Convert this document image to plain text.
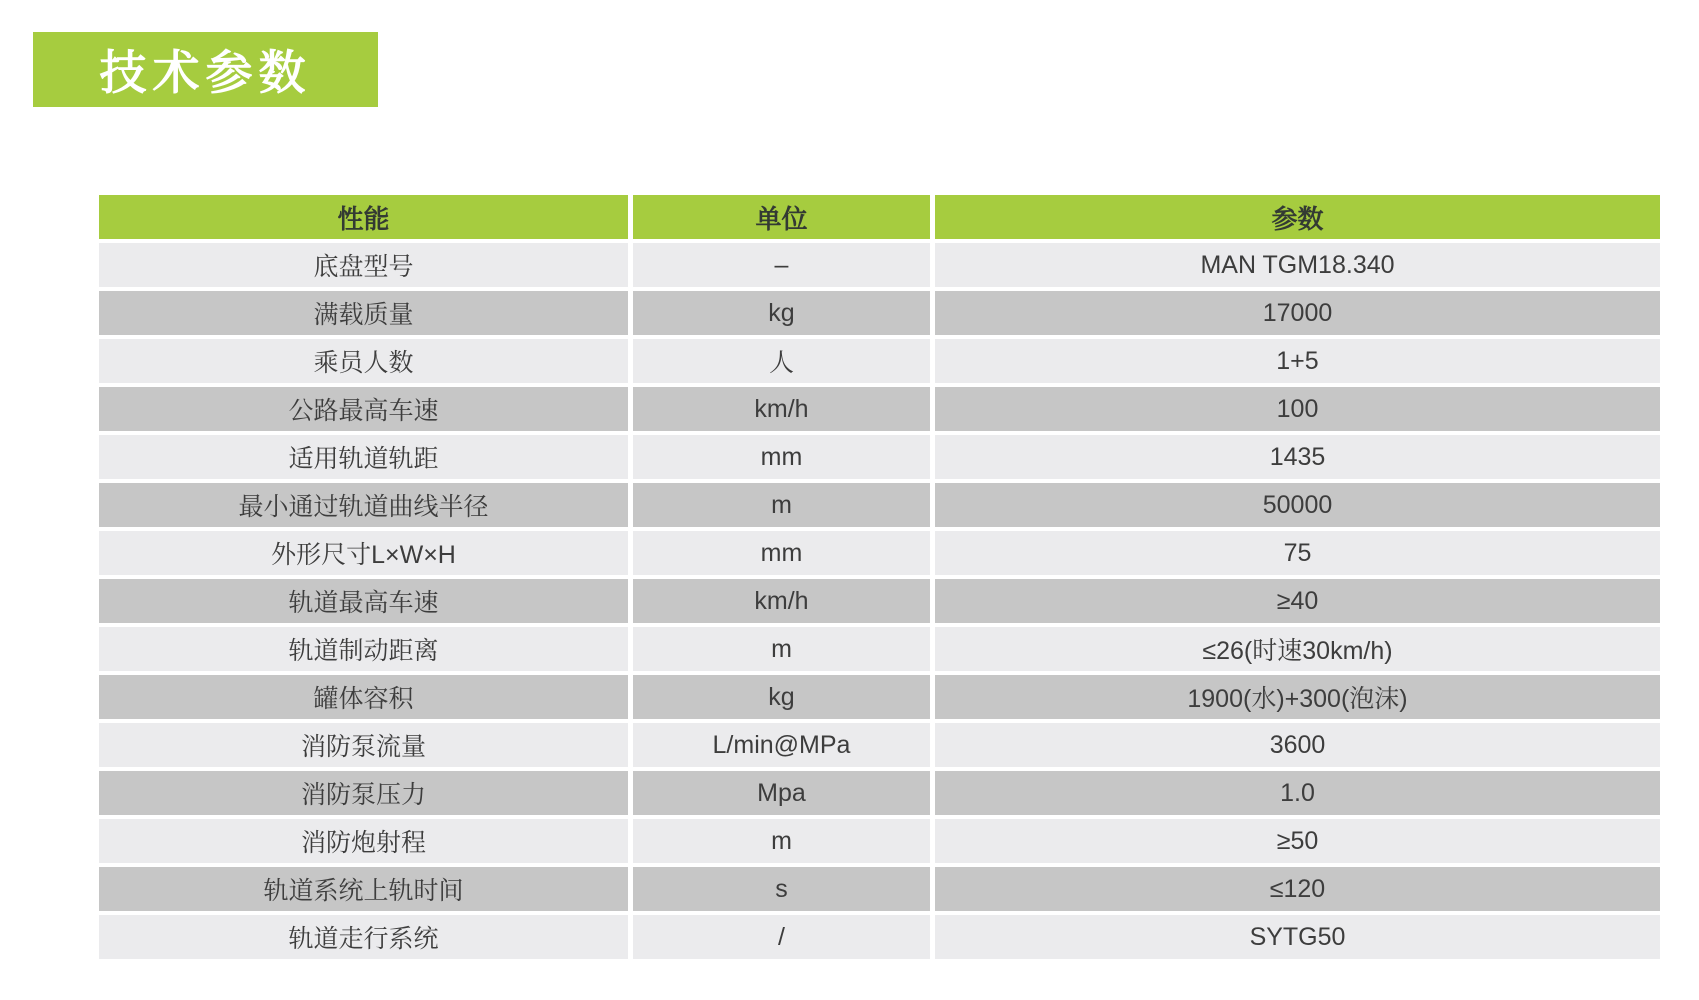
技术参数
性能	单位	参数
底盘型号	–	MAN TGM18.340
满载质量	kg	17000
乘员人数	人	1+5
公路最高车速	km/h	100
适用轨道轨距	mm	1435
最小通过轨道曲线半径	m	50000
外形尺寸L×W×H	mm	75
轨道最高车速	km/h	≥40
轨道制动距离	m	≤26(时速30km/h)
罐体容积	kg	1900(水)+300(泡沫)
消防泵流量	L/min@MPa	3600
消防泵压力	Mpa	1.0
消防炮射程	m	≥50
轨道系统上轨时间	s	≤120
轨道走行系统	/	SYTG50
